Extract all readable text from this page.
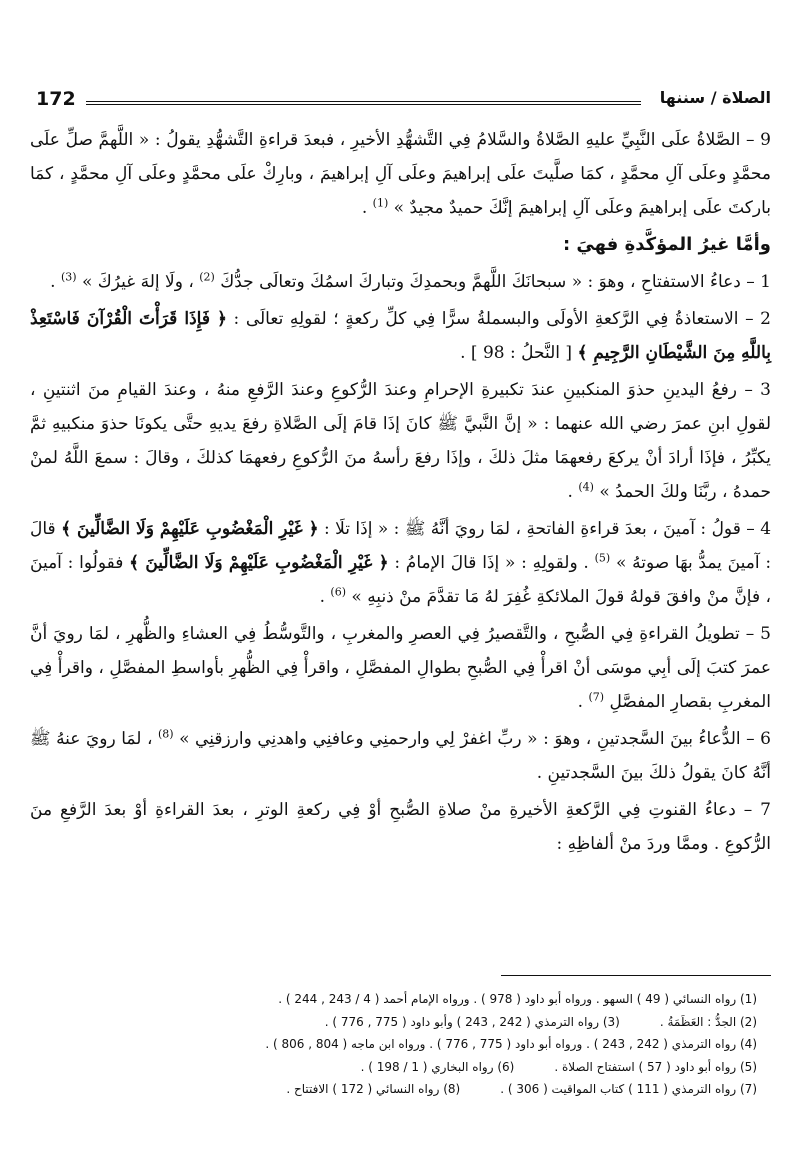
172	الصلاة / سننها

9 – الصَّلاةُ علَى النَّبِيِّ عليهِ الصَّلاةُ والسَّلامُ فِي التَّشهُّدِ الأخيرِ ، فبعدَ قراءةِ التَّشهُّدِ يقولُ : « اللَّهمَّ صلِّ علَى محمَّدٍ وعلَى آلِ محمَّدٍ ، كمَا صلَّيتَ علَى إبراهيمَ وعلَى آلِ إبراهيمَ ، وبارِكْ علَى محمَّدٍ وعلَى آلِ محمَّدٍ ، كمَا باركتَ علَى إبراهيمَ وعلَى آلِ إبراهيمَ إنَّكَ حميدٌ مجيدٌ » $^{(1)}$ .

وأمَّا غيرُ المؤكَّدةِ فهيَ :

1 – دعاءُ الاستفتاحِ ، وهوَ : « سبحانَكَ اللَّهمَّ وبحمدِكَ وتباركَ اسمُكَ وتعالَى جدُّكَ $^{(2)}$ ، ولَا إلهَ غيرُكَ » $^{(3)}$ .

2 – الاستعاذةُ فِي الرَّكعةِ الأولَى والبسملةُ سرًّا فِي كلِّ ركعةٍ ؛ لقولِهِ تعالَى : ﴿ فَإِذَا قَرَأْتَ الْقُرْآنَ فَاسْتَعِذْ بِاللَّهِ مِنَ الشَّيْطَانِ الرَّجِيمِ ﴾ [ النَّحلُ : 98 ] .

3 – رفعُ اليدينِ حذوَ المنكبينِ عندَ تكبيرةِ الإحرامِ وعندَ الرُّكوعِ وعندَ الرَّفعِ منهُ ، وعندَ القيامِ منَ اثنتينِ ، لقولِ ابنِ عمرَ رضي الله عنهما : « إنَّ النَّبيَّ ﷺ كانَ إذَا قامَ إلَى الصَّلاةِ رفعَ يديهِ حتَّى يكونَا حذوَ منكبيهِ ثمَّ يكبِّرُ ، فإذَا أرادَ أنْ يركعَ رفعهمَا مثلَ ذلكَ ، وإذَا رفعَ رأسهُ منَ الرُّكوعِ رفعهمَا كذلكَ ، وقالَ : سمعَ اللَّهُ لمنْ حمدهُ ، ربَّنَا ولكَ الحمدُ » $^{(4)}$ .

4 – قولُ : آمينَ ، بعدَ قراءةِ الفاتحةِ ، لمَا رويَ أنَّهُ ﷺ : « إذَا تلَا : ﴿ غَيْرِ الْمَغْضُوبِ عَلَيْهِمْ وَلَا الضَّالِّينَ ﴾ قالَ : آمينَ يمدُّ بهَا صوتهُ » $^{(5)}$ . ولقولِهِ : « إذَا قالَ الإمامُ : ﴿ غَيْرِ الْمَغْضُوبِ عَلَيْهِمْ وَلَا الضَّالِّينَ ﴾ فقولُوا : آمينَ ، فإنَّ منْ وافقَ قولهُ قولَ الملائكةِ غُفِرَ لهُ مَا تقدَّمَ منْ ذنبِهِ » $^{(6)}$ .

5 – تطويلُ القراءةِ فِي الصُّبحِ ، والتَّقصيرُ فِي العصرِ والمغربِ ، والتَّوسُّطُ فِي العشاءِ والظُّهرِ ، لمَا رويَ أنَّ عمرَ كتبَ إلَى أبِي موسَى أنْ اقرأْ فِي الصُّبحِ بطوالِ المفصَّلِ ، واقرأْ فِي الظُّهرِ بأواسطِ المفصَّلِ ، واقرأْ فِي المغربِ بقصارِ المفصَّلِ $^{(7)}$ .

6 – الدُّعاءُ بينَ السَّجدتينِ ، وهوَ : « ربِّ اغفرْ لِي وارحمنِي وعافنِي واهدنِي وارزقنِي » $^{(8)}$ ، لمَا رويَ عنهُ ﷺ أنَّهُ كانَ يقولُ ذلكَ بينَ السَّجدتينِ .

7 – دعاءُ القنوتِ فِي الرَّكعةِ الأخيرةِ منْ صلاةِ الصُّبحِ أوْ فِي ركعةِ الوترِ ، بعدَ القراءةِ أوْ بعدَ الرَّفعِ منَ الرُّكوعِ . وممَّا وردَ منْ ألفاظِهِ :

(1) رواه النسائي ( 49 ) السهو . ورواه أبو داود ( 978 ) . ورواه الإمام أحمد ( 4 / 243 , 244 ) .
(2) الجدُّ : العَظَمَةُ .
(3) رواه الترمذي ( 242 , 243 ) وأبو داود ( 775 , 776 ) .
(4) رواه الترمذي ( 242 , 243 ) . ورواه أبو داود ( 775 , 776 ) . ورواه ابن ماجه ( 804 , 806 ) .
(5) رواه أبو داود ( 57 ) استفتاح الصلاة .
(6) رواه البخاري ( 1 / 198 ) .
(7) رواه الترمذي ( 111 ) كتاب المواقيت ( 306 ) .
(8) رواه النسائي ( 172 ) الافتتاح .
